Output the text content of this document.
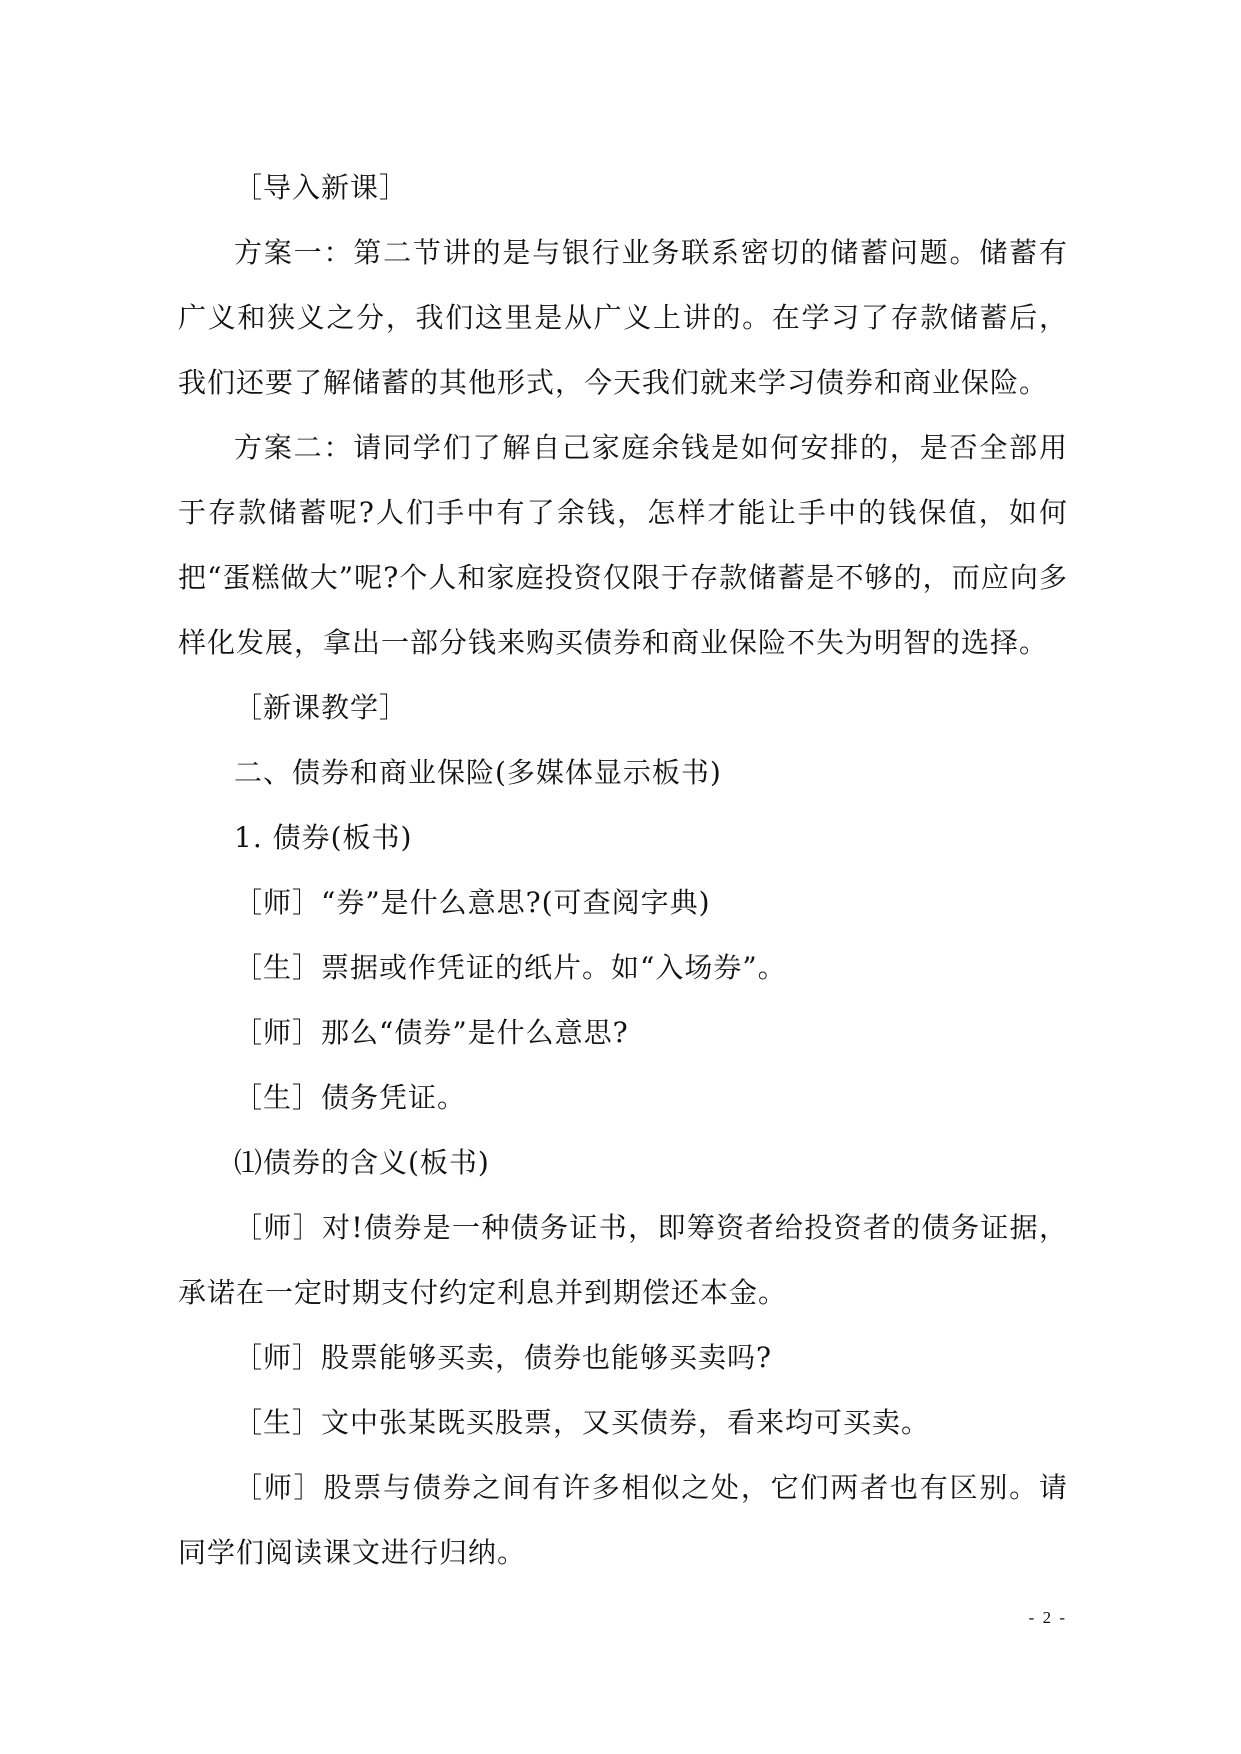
［导入新课］

方案一：第二节讲的是与银行业务联系密切的储蓄问题。储蓄有广义和狭义之分，我们这里是从广义上讲的。在学习了存款储蓄后，我们还要了解储蓄的其他形式，今天我们就来学习债券和商业保险。

方案二：请同学们了解自己家庭余钱是如何安排的，是否全部用于存款储蓄呢?人们手中有了余钱，怎样才能让手中的钱保值，如何把“蛋糕做大”呢?个人和家庭投资仅限于存款储蓄是不够的，而应向多样化发展，拿出一部分钱来购买债券和商业保险不失为明智的选择。

［新课教学］

二、债券和商业保险(多媒体显示板书)

1. 债券(板书)

［师］“券”是什么意思?(可查阅字典)

［生］票据或作凭证的纸片。如“入场券”。

［师］那么“债券”是什么意思?

［生］债务凭证。

⑴债券的含义(板书)

［师］对!债券是一种债务证书，即筹资者给投资者的债务证据，承诺在一定时期支付约定利息并到期偿还本金。

［师］股票能够买卖，债券也能够买卖吗?

［生］文中张某既买股票，又买债券，看来均可买卖。

［师］股票与债券之间有许多相似之处，它们两者也有区别。请同学们阅读课文进行归纳。

- 2 -
